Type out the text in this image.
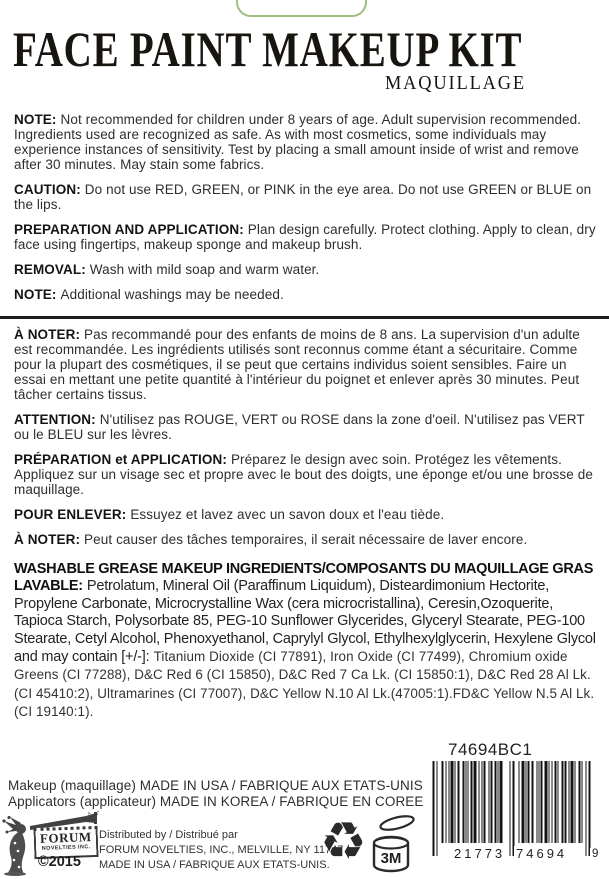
FACE PAINT MAKEUP KIT
MAQUILLAGE

NOTE: Not recommended for children under 8 years of age. Adult supervision recommended. Ingredients used are recognized as safe. As with most cosmetics, some individuals may experience instances of sensitivity. Test by placing a small amount inside of wrist and remove after 30 minutes. May stain some fabrics.

CAUTION: Do not use RED, GREEN, or PINK in the eye area. Do not use GREEN or BLUE on the lips.

PREPARATION AND APPLICATION: Plan design carefully. Protect clothing. Apply to clean, dry face using fingertips, makeup sponge and makeup brush.

REMOVAL: Wash with mild soap and warm water.

NOTE: Additional washings may be needed.

À NOTER: Pas recommandé pour des enfants de moins de 8 ans. La supervision d'un adulte est recommandée. Les ingrédients utilisés sont reconnus comme étant a sécuritaire. Comme pour la plupart des cosmétiques, il se peut que certains individus soient sensibles. Faire un essai en mettant une petite quantité à l'intérieur du poignet et enlever après 30 minutes. Peut tâcher certains tissus.

ATTENTION: N'utilisez pas ROUGE, VERT ou ROSE dans la zone d'oeil. N'utilisez pas VERT ou le BLEU sur les lèvres.

PRÉPARATION et APPLICATION: Préparez le design avec soin. Protégez les vêtements. Appliquez sur un visage sec et propre avec le bout des doigts, une éponge et/ou une brosse de maquillage.

POUR ENLEVER: Essuyez et lavez avec un savon doux et l'eau tiède.

À NOTER: Peut causer des tâches temporaires, il serait nécessaire de laver encore.

WASHABLE GREASE MAKEUP INGREDIENTS/COMPOSANTS DU MAQUILLAGE GRAS LAVABLE: Petrolatum, Mineral Oil (Paraffinum Liquidum), Disteardimonium Hectorite, Propylene Carbonate, Microcrystalline Wax (cera microcristallina), Ceresin,Ozoquerite, Tapioca Starch, Polysorbate 85, PEG-10 Sunflower Glycerides, Glyceryl Stearate, PEG-100 Stearate, Cetyl Alcohol, Phenoxyethanol, Caprylyl Glycol, Ethylhexylglycerin, Hexylene Glycol and may contain [+/-]: Titanium Dioxide (CI 77891), Iron Oxide (CI 77499), Chromium oxide Greens (CI 77288), D&C Red 6 (CI 15850), D&C Red 7 Ca Lk. (CI 15850:1), D&C Red 28 Al Lk. (CI 45410:2), Ultramarines (CI 77007), D&C Yellow N.10 Al Lk.(47005:1).FD&C Yellow N.5 Al Lk. (CI 19140:1).
74694BC1
21773 74694 9
Makeup (maquillage) MADE IN USA / FABRIQUE AUX ETATS-UNIS
Applicators (applicateur) MADE IN KOREA / FABRIQUE EN COREE
♪ ♪
FORUM
NOVELTIES INC.
©2015
Distributed by / Distribué par
FORUM NOVELTIES, INC., MELVILLE, NY 11747
MADE IN USA / FABRIQUE AUX ETATS-UNIS.
♻ 3M
